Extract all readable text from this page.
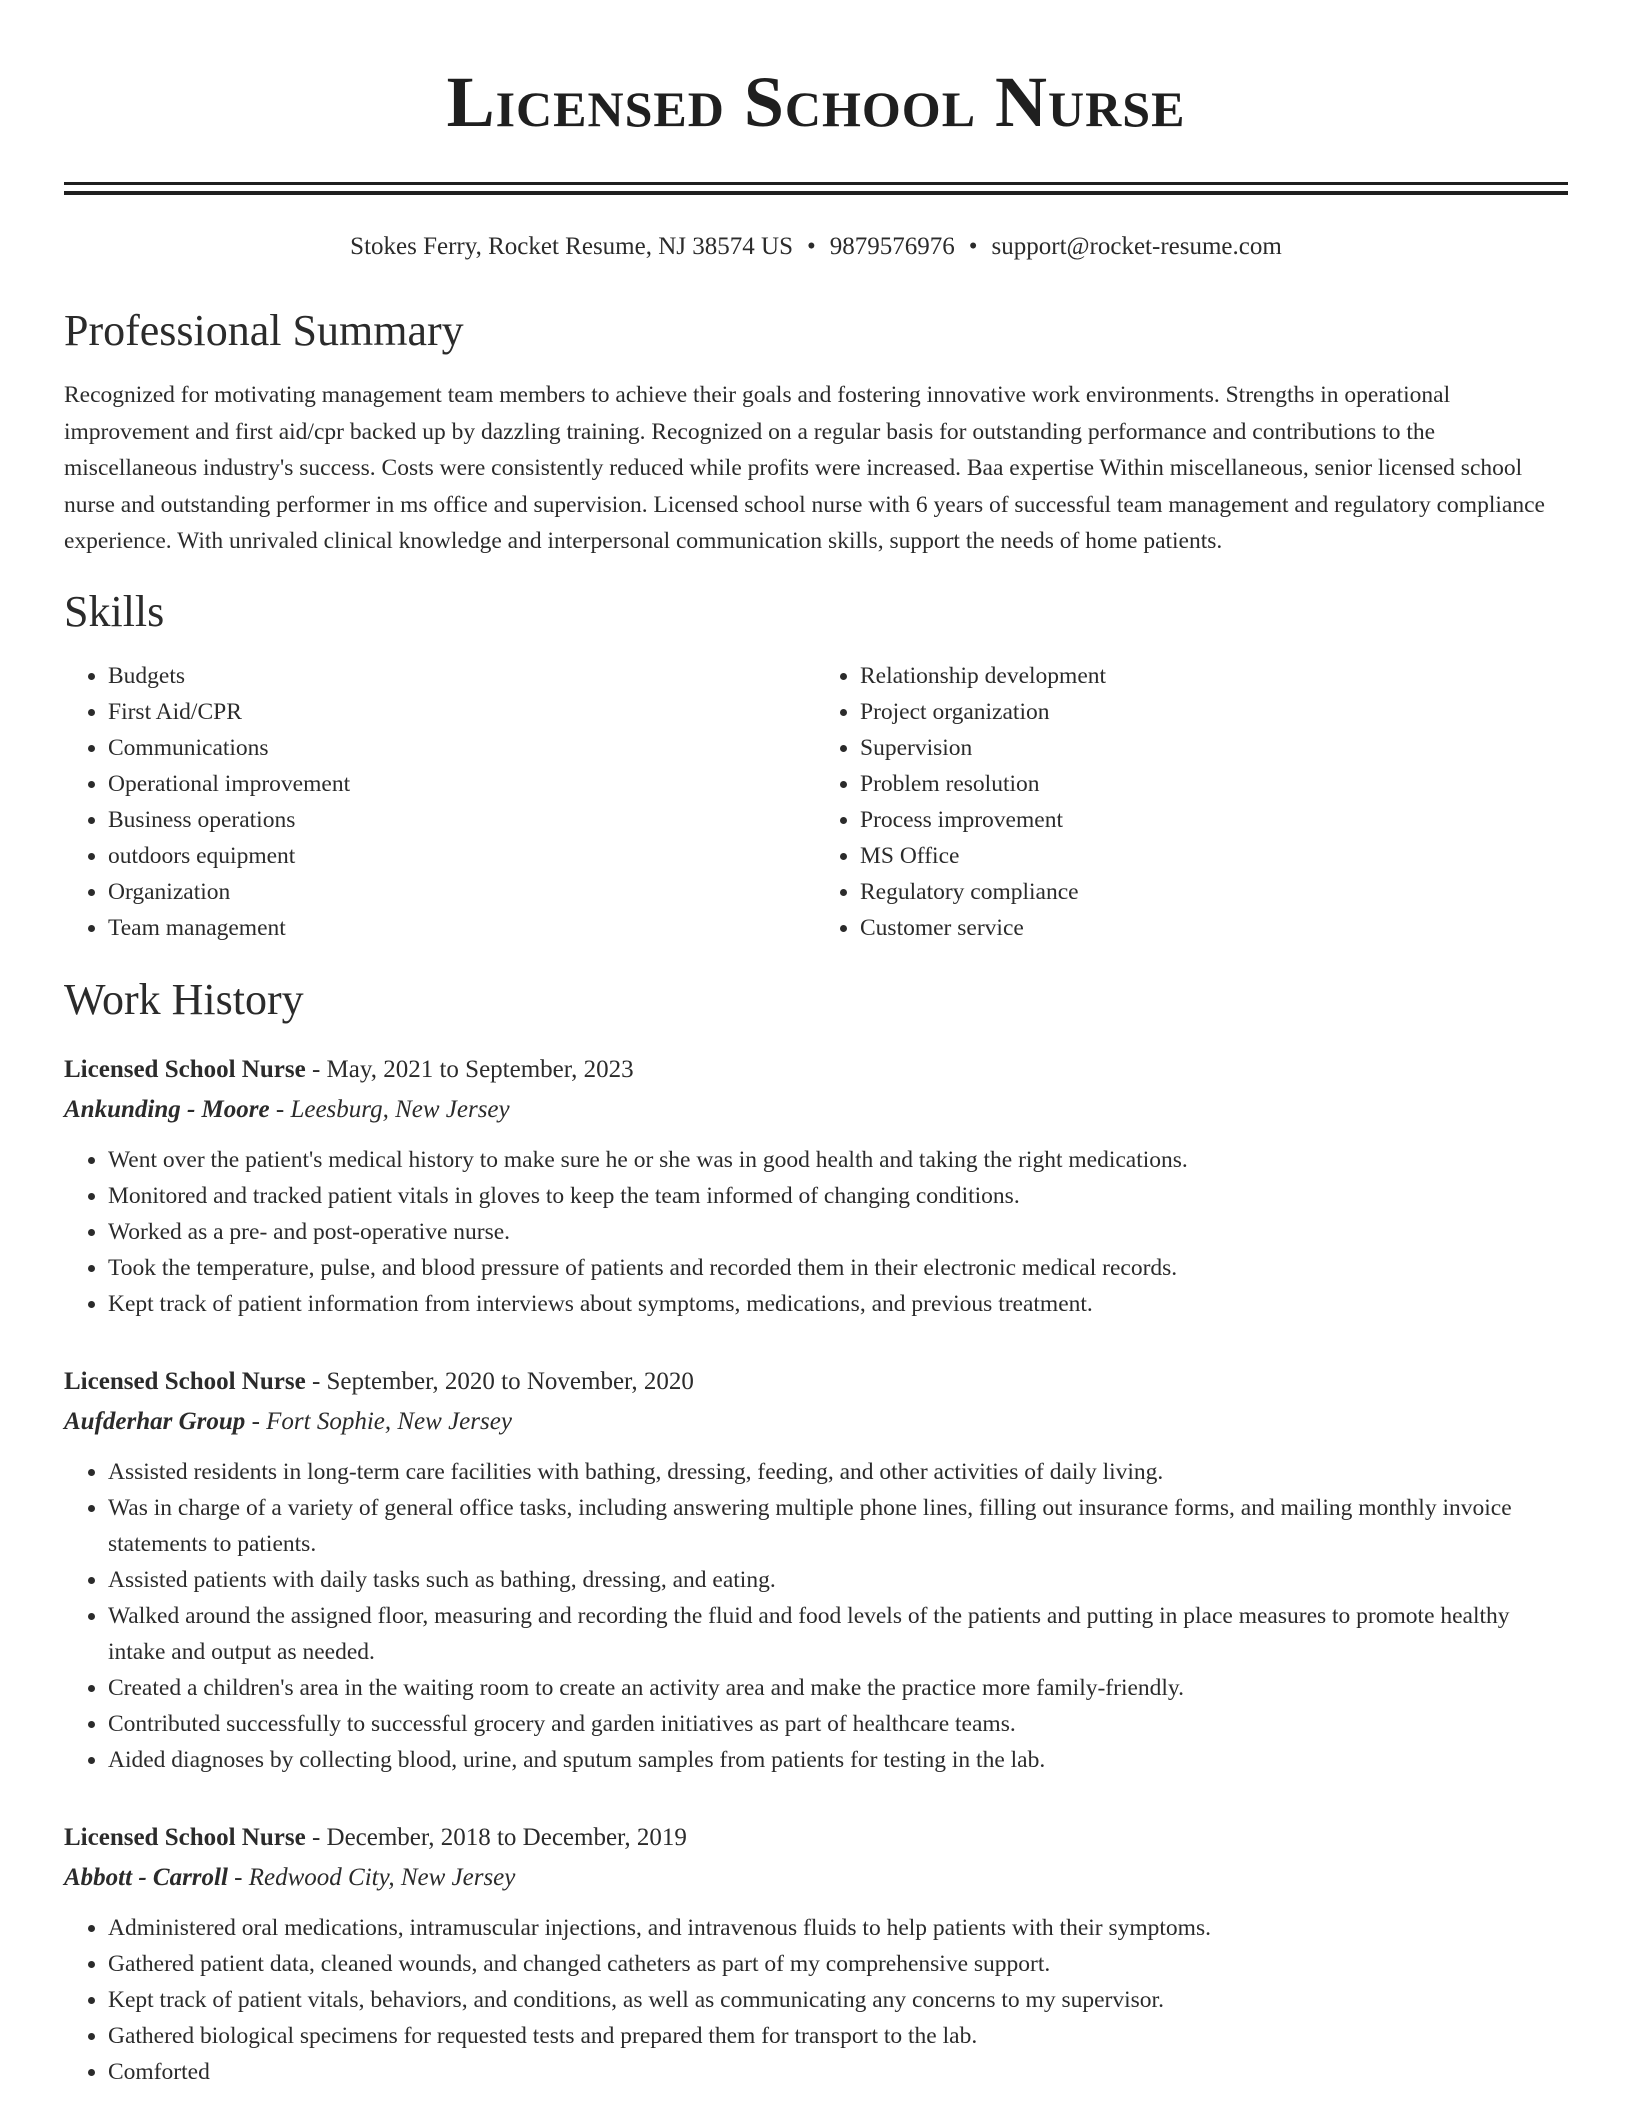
Licensed School Nurse
Stokes Ferry, Rocket Resume, NJ 38574 US • 9879576976 • support@rocket-resume.com
Professional Summary
Recognized for motivating management team members to achieve their goals and fostering innovative work environments. Strengths in operational improvement and first aid/cpr backed up by dazzling training. Recognized on a regular basis for outstanding performance and contributions to the miscellaneous industry's success. Costs were consistently reduced while profits were increased. Baa expertise Within miscellaneous, senior licensed school nurse and outstanding performer in ms office and supervision. Licensed school nurse with 6 years of successful team management and regulatory compliance experience. With unrivaled clinical knowledge and interpersonal communication skills, support the needs of home patients.
Skills
• Budgets
• First Aid/CPR
• Communications
• Operational improvement
• Business operations
• outdoors equipment
• Organization
• Team management
• Relationship development
• Project organization
• Supervision
• Problem resolution
• Process improvement
• MS Office
• Regulatory compliance
• Customer service
Work History
Licensed School Nurse - May, 2021 to September, 2023
Ankunding - Moore - Leesburg, New Jersey
• Went over the patient's medical history to make sure he or she was in good health and taking the right medications.
• Monitored and tracked patient vitals in gloves to keep the team informed of changing conditions.
• Worked as a pre- and post-operative nurse.
• Took the temperature, pulse, and blood pressure of patients and recorded them in their electronic medical records.
• Kept track of patient information from interviews about symptoms, medications, and previous treatment.
Licensed School Nurse - September, 2020 to November, 2020
Aufderhar Group - Fort Sophie, New Jersey
• Assisted residents in long-term care facilities with bathing, dressing, feeding, and other activities of daily living.
• Was in charge of a variety of general office tasks, including answering multiple phone lines, filling out insurance forms, and mailing monthly invoice statements to patients.
• Assisted patients with daily tasks such as bathing, dressing, and eating.
• Walked around the assigned floor, measuring and recording the fluid and food levels of the patients and putting in place measures to promote healthy intake and output as needed.
• Created a children's area in the waiting room to create an activity area and make the practice more family-friendly.
• Contributed successfully to successful grocery and garden initiatives as part of healthcare teams.
• Aided diagnoses by collecting blood, urine, and sputum samples from patients for testing in the lab.
Licensed School Nurse - December, 2018 to December, 2019
Abbott - Carroll - Redwood City, New Jersey
• Administered oral medications, intramuscular injections, and intravenous fluids to help patients with their symptoms.
• Gathered patient data, cleaned wounds, and changed catheters as part of my comprehensive support.
• Kept track of patient vitals, behaviors, and conditions, as well as communicating any concerns to my supervisor.
• Gathered biological specimens for requested tests and prepared them for transport to the lab.
• Comforted
